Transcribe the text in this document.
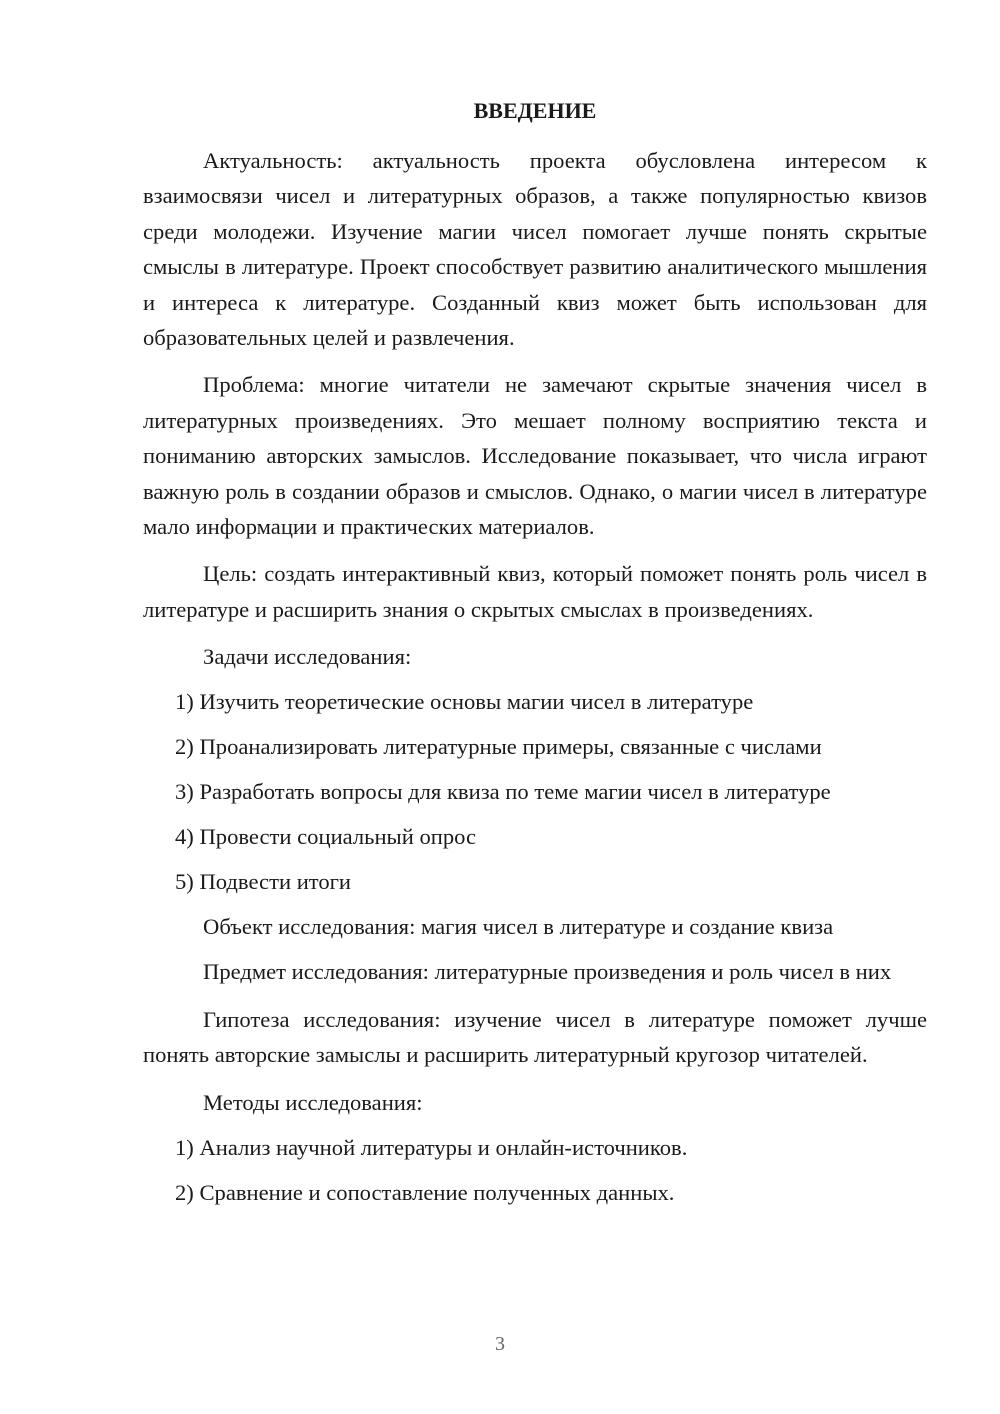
ВВЕДЕНИЕ
Актуальность: актуальность проекта обусловлена интересом к взаимосвязи чисел и литературных образов, а также популярностью квизов среди молодежи. Изучение магии чисел помогает лучше понять скрытые смыслы в литературе. Проект способствует развитию аналитического мышления и интереса к литературе. Созданный квиз может быть использован для образовательных целей и развлечения.
Проблема: многие читатели не замечают скрытые значения чисел в литературных произведениях. Это мешает полному восприятию текста и пониманию авторских замыслов. Исследование показывает, что числа играют важную роль в создании образов и смыслов. Однако, о магии чисел в литературе мало информации и практических материалов.
Цель: создать интерактивный квиз, который поможет понять роль чисел в литературе и расширить знания о скрытых смыслах в произведениях.
Задачи исследования:
1) Изучить теоретические основы магии чисел в литературе
2) Проанализировать литературные примеры, связанные с числами
3) Разработать вопросы для квиза по теме магии чисел в литературе
4) Провести социальный опрос
5) Подвести итоги
Объект исследования: магия чисел в литературе и создание квиза
Предмет исследования: литературные произведения и роль чисел в них
Гипотеза исследования: изучение чисел в литературе поможет лучше понять авторские замыслы и расширить литературный кругозор читателей.
Методы исследования:
1) Анализ научной литературы и онлайн-источников.
2) Сравнение и сопоставление полученных данных.
3
